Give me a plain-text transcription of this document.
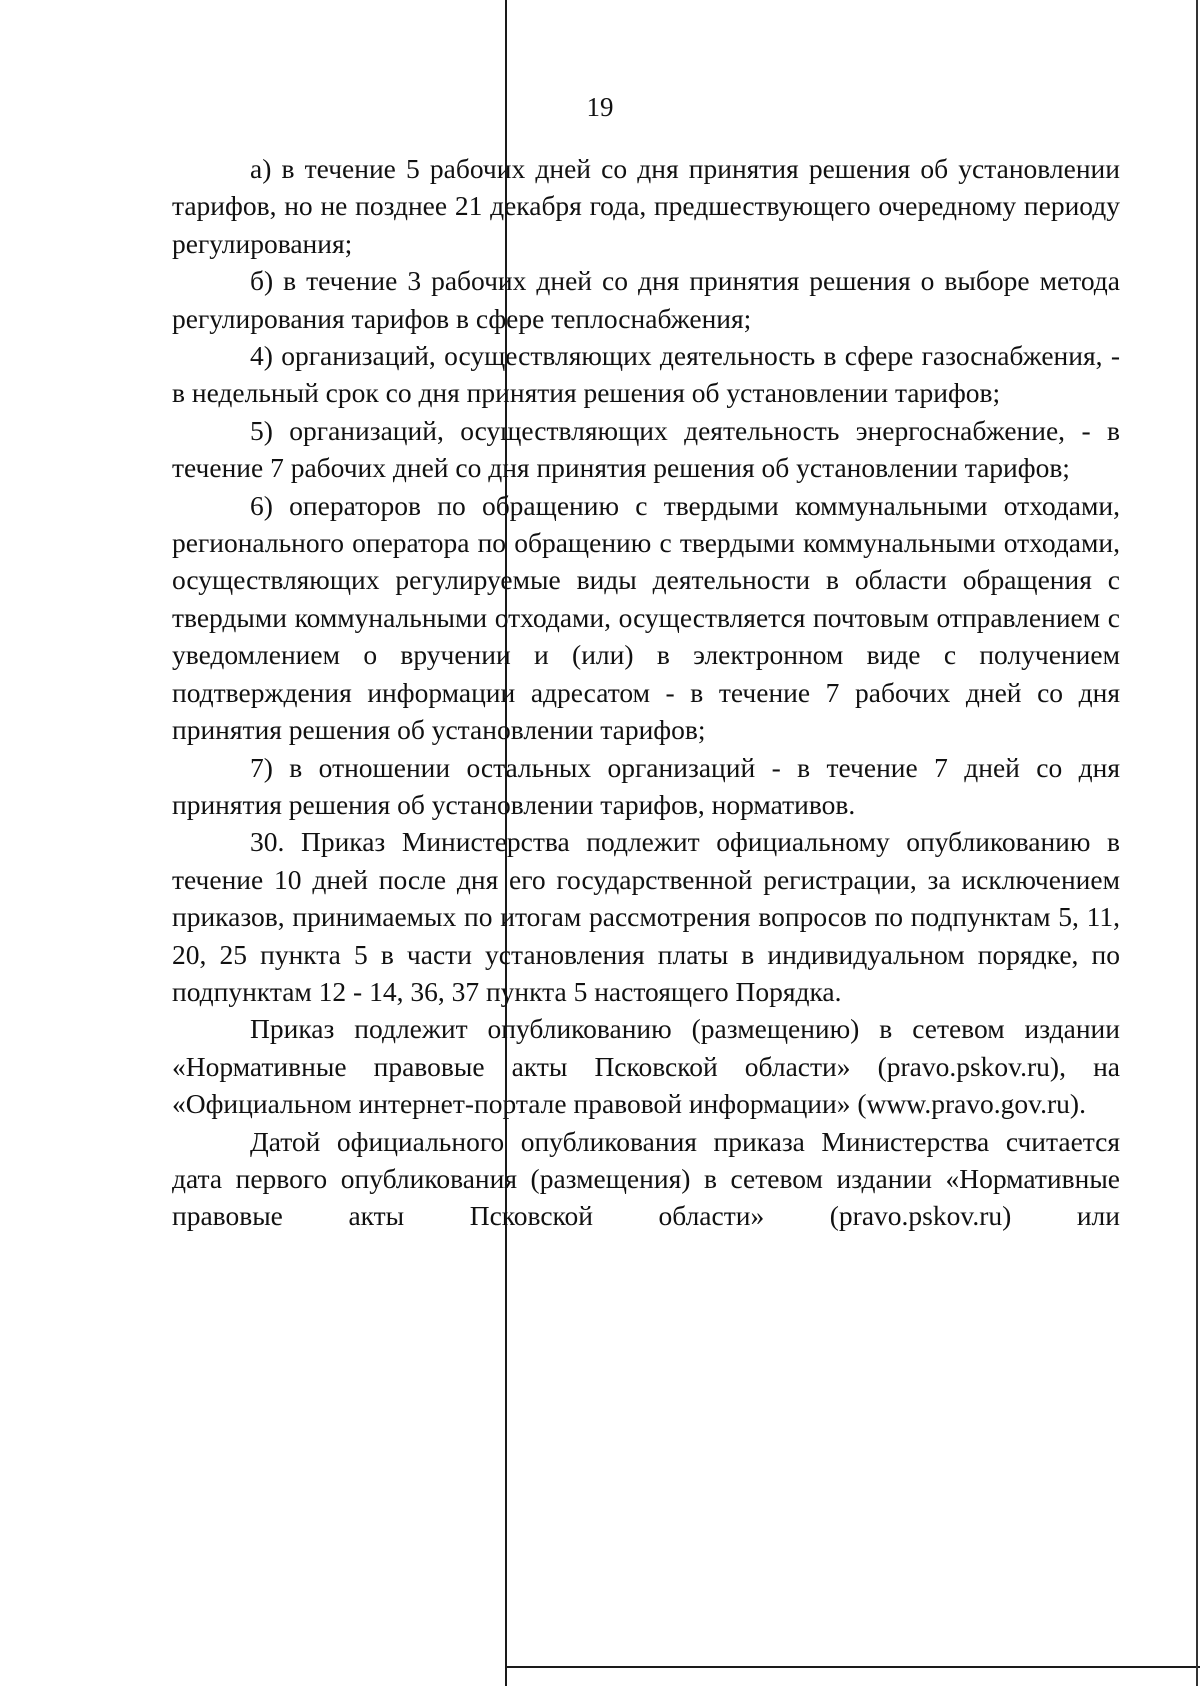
19

а) в течение 5 рабочих дней со дня принятия решения об установлении тарифов, но не позднее 21 декабря года, предшествующего очередному периоду регулирования;

б) в течение 3 рабочих дней со дня принятия решения о выборе метода регулирования тарифов в сфере теплоснабжения;

4) организаций, осуществляющих деятельность в сфере газоснабжения, - в недельный срок со дня принятия решения об установлении тарифов;

5) организаций, осуществляющих деятельность энергоснабжение, - в течение 7 рабочих дней со дня принятия решения об установлении тарифов;

6) операторов по обращению с твердыми коммунальными отходами, регионального оператора по обращению с твердыми коммунальными отходами, осуществляющих регулируемые виды деятельности в области обращения с твердыми коммунальными отходами, осуществляется почтовым отправлением с уведомлением о вручении и (или) в электронном виде с получением подтверждения информации адресатом - в течение 7 рабочих дней со дня принятия решения об установлении тарифов;

7) в отношении остальных организаций - в течение 7 дней со дня принятия решения об установлении тарифов, нормативов.

30. Приказ Министерства подлежит официальному опубликованию в течение 10 дней после дня его государственной регистрации, за исключением приказов, принимаемых по итогам рассмотрения вопросов по подпунктам 5, 11, 20, 25 пункта 5 в части установления платы в индивидуальном порядке, по подпунктам 12 - 14, 36, 37 пункта 5 настоящего Порядка.

Приказ подлежит опубликованию (размещению) в сетевом издании «Нормативные правовые акты Псковской области» (pravo.pskov.ru), на «Официальном интернет-портале правовой информации» (www.pravo.gov.ru).

Датой официального опубликования приказа Министерства считается дата первого опубликования (размещения) в сетевом издании «Нормативные правовые акты Псковской области» (pravo.pskov.ru) или
